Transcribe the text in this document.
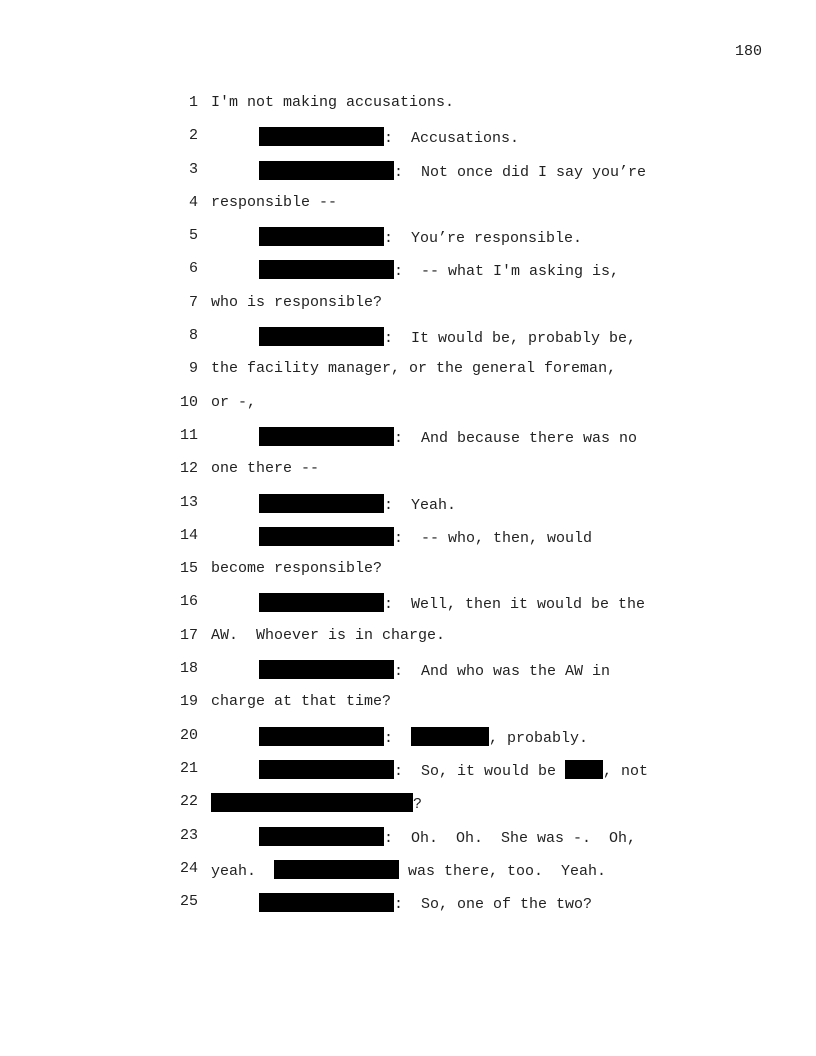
180
1 I'm not making accusations.
2	:  Accusations.
3	:  Not once did I say you’re
4 responsible --
5	:  You’re responsible.
6	:  -- what I'm asking is,
7 who is responsible?
8	:  It would be, probably be,
9 the facility manager, or the general foreman,
10 or -,
11	:  And because there was no
12 one there --
13	:  Yeah.
14	:  -- who, then, would
15 become responsible?
16	:  Well, then it would be the
17 AW.  Whoever is in charge.
18	:  And who was the AW in
19 charge at that time?
20	:	, probably.
21	:  So, it would be	, not
22	?
23	:  Oh.  Oh.  She was -.  Oh,
24 yeah.	was there, too.  Yeah.
25	:  So, one of the two?
